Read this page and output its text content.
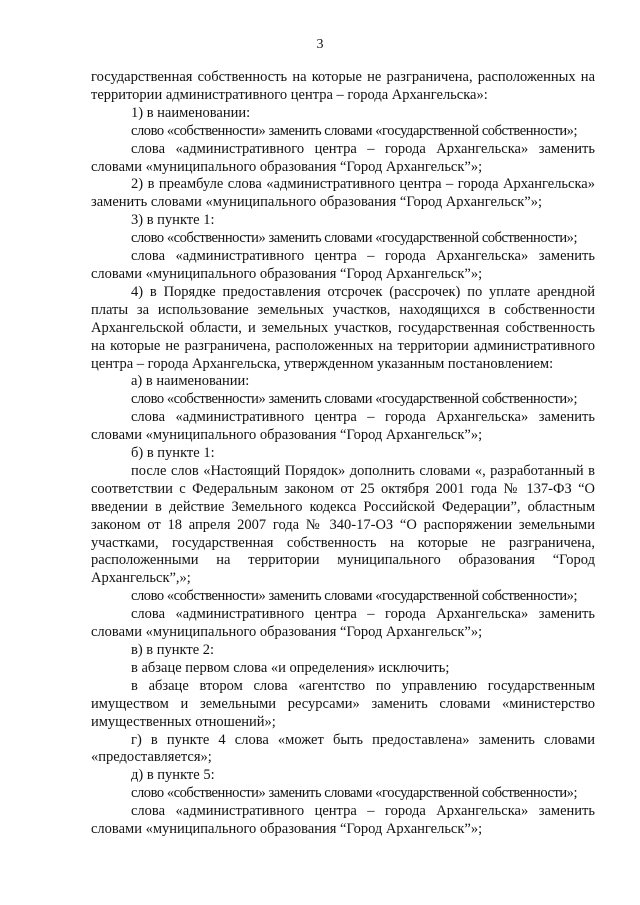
3

государственная собственность на которые не разграничена, расположенных на территории административного центра – города Архангельска»:

1) в наименовании:

слово «собственности» заменить словами «государственной собственности»;

слова «административного центра – города Архангельска» заменить словами «муниципального образования “Город Архангельск”»;

2) в преамбуле слова «административного центра – города Архангельска» заменить словами «муниципального образования “Город Архангельск”»;

3) в пункте 1:

слово «собственности» заменить словами «государственной собственности»;

слова «административного центра – города Архангельска» заменить словами «муниципального образования “Город Архангельск”»;

4) в Порядке предоставления отсрочек (рассрочек) по уплате арендной платы за использование земельных участков, находящихся в собственности Архангельской области, и земельных участков, государственная собственность на которые не разграничена, расположенных на территории административного центра – города Архангельска, утвержденном указанным постановлением:

а) в наименовании:

слово «собственности» заменить словами «государственной собственности»;

слова «административного центра – города Архангельска» заменить словами «муниципального образования “Город Архангельск”»;

б) в пункте 1:

после слов «Настоящий Порядок» дополнить словами «, разработанный в соответствии с Федеральным законом от 25 октября 2001 года № 137-ФЗ “О введении в действие Земельного кодекса Российской Федерации”, областным законом от 18 апреля 2007 года № 340-17-ОЗ “О распоряжении земельными участками, государственная собственность на которые не разграничена, расположенными на территории муниципального образования “Город Архангельск”,»;

слово «собственности» заменить словами «государственной собственности»;

слова «административного центра – города Архангельска» заменить словами «муниципального образования “Город Архангельск”»;

в) в пункте 2:

в абзаце первом слова «и определения» исключить;

в абзаце втором слова «агентство по управлению государственным имуществом и земельными ресурсами» заменить словами «министерство имущественных отношений»;

г) в пункте 4 слова «может быть предоставлена» заменить словами «предоставляется»;

д) в пункте 5:

слово «собственности» заменить словами «государственной собственности»;

слова «административного центра – города Архангельска» заменить словами «муниципального образования “Город Архангельск”»;
